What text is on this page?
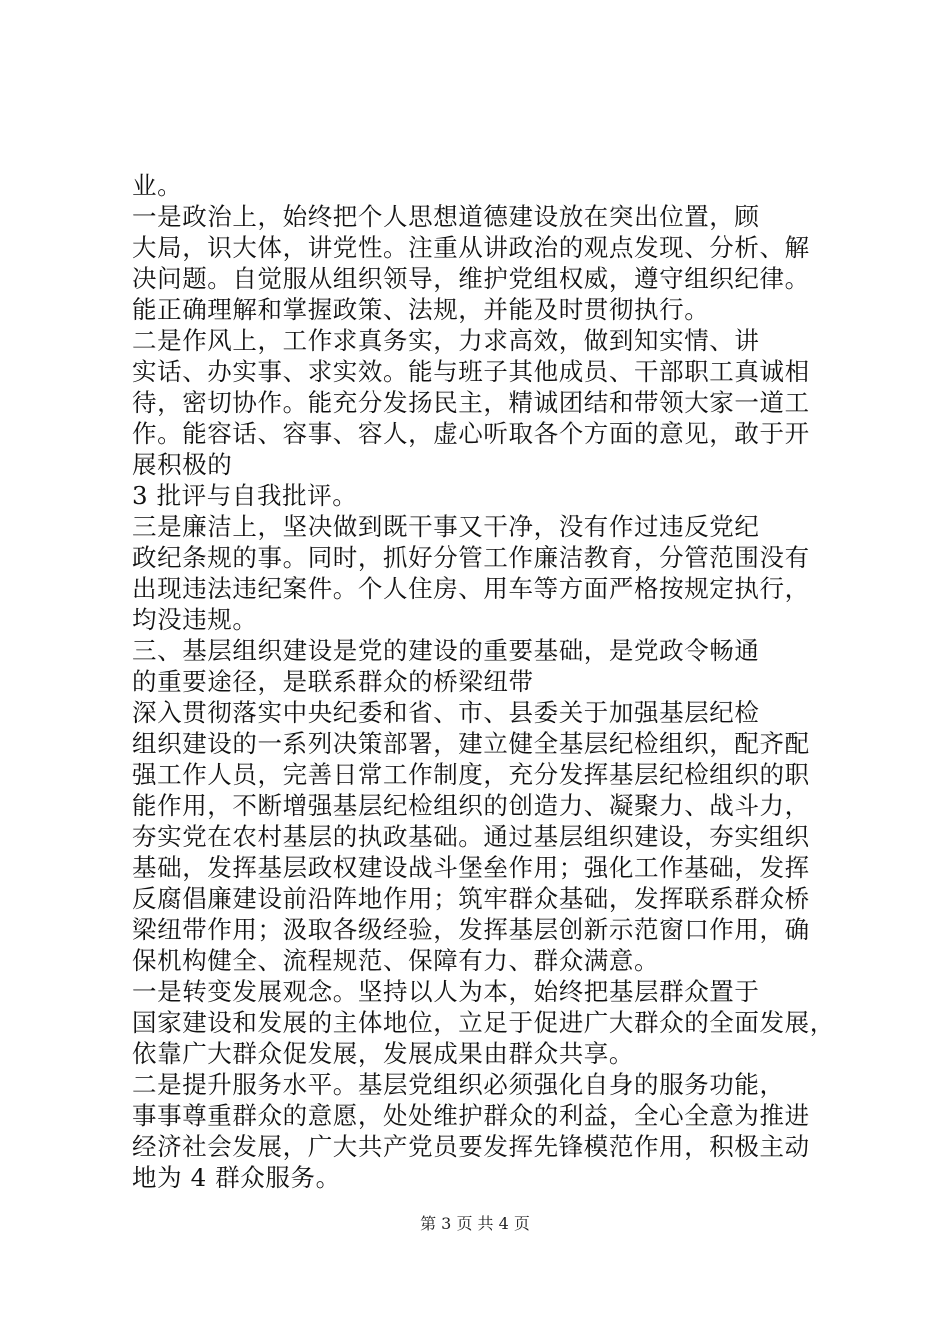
业。
一是政治上，始终把个人思想道德建设放在突出位置，顾
大局，识大体，讲党性。注重从讲政治的观点发现、分析、解
决问题。自觉服从组织领导，维护党组权威，遵守组织纪律。
能正确理解和掌握政策、法规，并能及时贯彻执行。
二是作风上，工作求真务实，力求高效，做到知实情、讲
实话、办实事、求实效。能与班子其他成员、干部职工真诚相
待，密切协作。能充分发扬民主，精诚团结和带领大家一道工
作。能容话、容事、容人，虚心听取各个方面的意见，敢于开
展积极的
3 批评与自我批评。
三是廉洁上，坚决做到既干事又干净，没有作过违反党纪
政纪条规的事。同时，抓好分管工作廉洁教育，分管范围没有
出现违法违纪案件。个人住房、用车等方面严格按规定执行，
均没违规。
三、基层组织建设是党的建设的重要基础，是党政令畅通
的重要途径，是联系群众的桥梁纽带
深入贯彻落实中央纪委和省、市、县委关于加强基层纪检
组织建设的一系列决策部署，建立健全基层纪检组织，配齐配
强工作人员，完善日常工作制度，充分发挥基层纪检组织的职
能作用，不断增强基层纪检组织的创造力、凝聚力、战斗力，
夯实党在农村基层的执政基础。通过基层组织建设，夯实组织
基础，发挥基层政权建设战斗堡垒作用；强化工作基础，发挥
反腐倡廉建设前沿阵地作用；筑牢群众基础，发挥联系群众桥
梁纽带作用；汲取各级经验，发挥基层创新示范窗口作用，确
保机构健全、流程规范、保障有力、群众满意。
一是转变发展观念。坚持以人为本，始终把基层群众置于
国家建设和发展的主体地位，立足于促进广大群众的全面发展，
依靠广大群众促发展，发展成果由群众共享。
二是提升服务水平。基层党组织必须强化自身的服务功能，
事事尊重群众的意愿，处处维护群众的利益，全心全意为推进
经济社会发展，广大共产党员要发挥先锋模范作用，积极主动
地为 4 群众服务。
第 3 页 共 4 页
